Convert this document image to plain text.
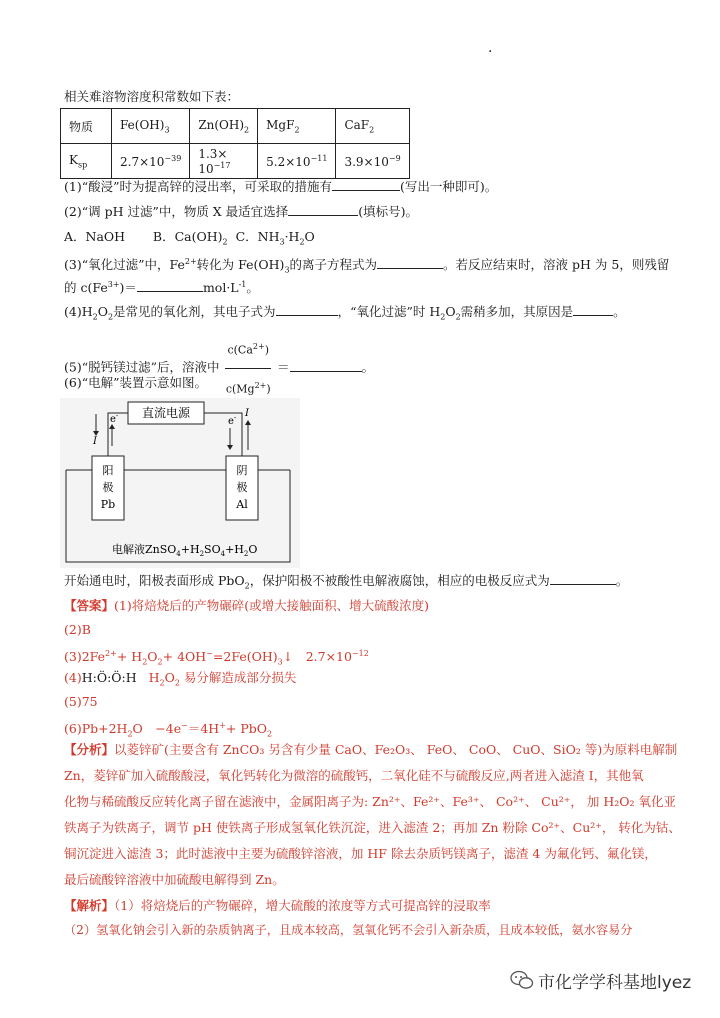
.
相关难溶物溶度积常数如下表：
物质	$Fe(OH)_3$	$Zn(OH)_2$	MgF$_2$	CaF$_2$
$K_{sp}$	$2.7\times 10^{-39}$	$1.3\times 10^{-17}$	$5.2\times 10^{-11}$	$3.9\times 10^{-9}$
(1)“酸浸”时为提高锌的浸出率，可采取的措施有	(写出一种即可)。
(2)“调 pH 过滤”中，物质 X 最适宜选择	(填标号)。
A．NaOH B．$Ca(OH)_2$ C．$NH_3\cdot H_2O$
(3)“氧化过滤”中，$Fe^{2+}$转化为 $Fe(OH)_3$的离子方程式为	。若反应结束时，溶液 pH 为 5，则残留
的 $c(Fe^{3+})=$	$mol\cdot L^{-1}$。
$(4)H_2O_2$是常见的氧化剂，其电子式为	，“氧化过滤”时 $H_2O_2$需稍多加，其原因是	。
(5)“脱钙镁过滤”后，溶液中 $\frac{c(Ca^{2+})}{c(Mg^{2+})}$ ＝	。
(6)“电解”装置示意如图。
直流电源
I
e-	e- I
阳
极
Pb
阴
极
Al
电解液$ZnSO_4+H_2SO_4+H_2O$
开始通电时，阳极表面形成 PbO$_2$，保护阳极不被酸性电解液腐蚀，相应的电极反应式为	。
【答案】(1)将焙烧后的产物碾碎(或增大接触面积、增大硫酸浓度)
(2)B
$(3)2Fe^{2+}+ H_2O_2+$ $4OH^-=2Fe(OH)_3↓$　$2.7\times 10^{-12}$
(4)H:Ö:Ö:H $H_2O_2$ 易分解造成部分损失
(5)75
$(6)Pb+2H_2O$　−4e−＝4H++ PbO$_2$
【分析】以菱锌矿(主要含有 ZnCO₃ 另含有少量 CaO、Fe₂O₃、 FeO、 CoO、 CuO、SiO₂ 等)为原料电解制
Zn，菱锌矿加入硫酸酸浸，氧化钙转化为微溶的硫酸钙，二氧化硅不与硫酸反应,两者进入滤渣 I，其他氧
化物与稀硫酸反应转化离子留在滤液中，金属阳离子为: Zn²⁺、Fe²⁺、Fe³⁺、 Co²⁺、 Cu²⁺， 加 H₂O₂ 氧化亚
铁离子为铁离子，调节 pH 使铁离子形成氢氧化铁沉淀，进入滤渣 2；再加 Zn 粉除 Co²⁺、Cu²⁺， 转化为钴、
铜沉淀进入滤渣 3；此时滤液中主要为硫酸锌溶液，加 HF 除去杂质钙镁离子，滤渣 4 为氟化钙、氟化镁，
最后硫酸锌溶液中加硫酸电解得到 Zn。
【解析】（1）将焙烧后的产物碾碎，增大硫酸的浓度等方式可提高锌的浸取率
（2）氢氧化钠会引入新的杂质钠离子，且成本较高，氢氧化钙不会引入新杂质，且成本较低，氨水容易分
市化学学科基地lyez
